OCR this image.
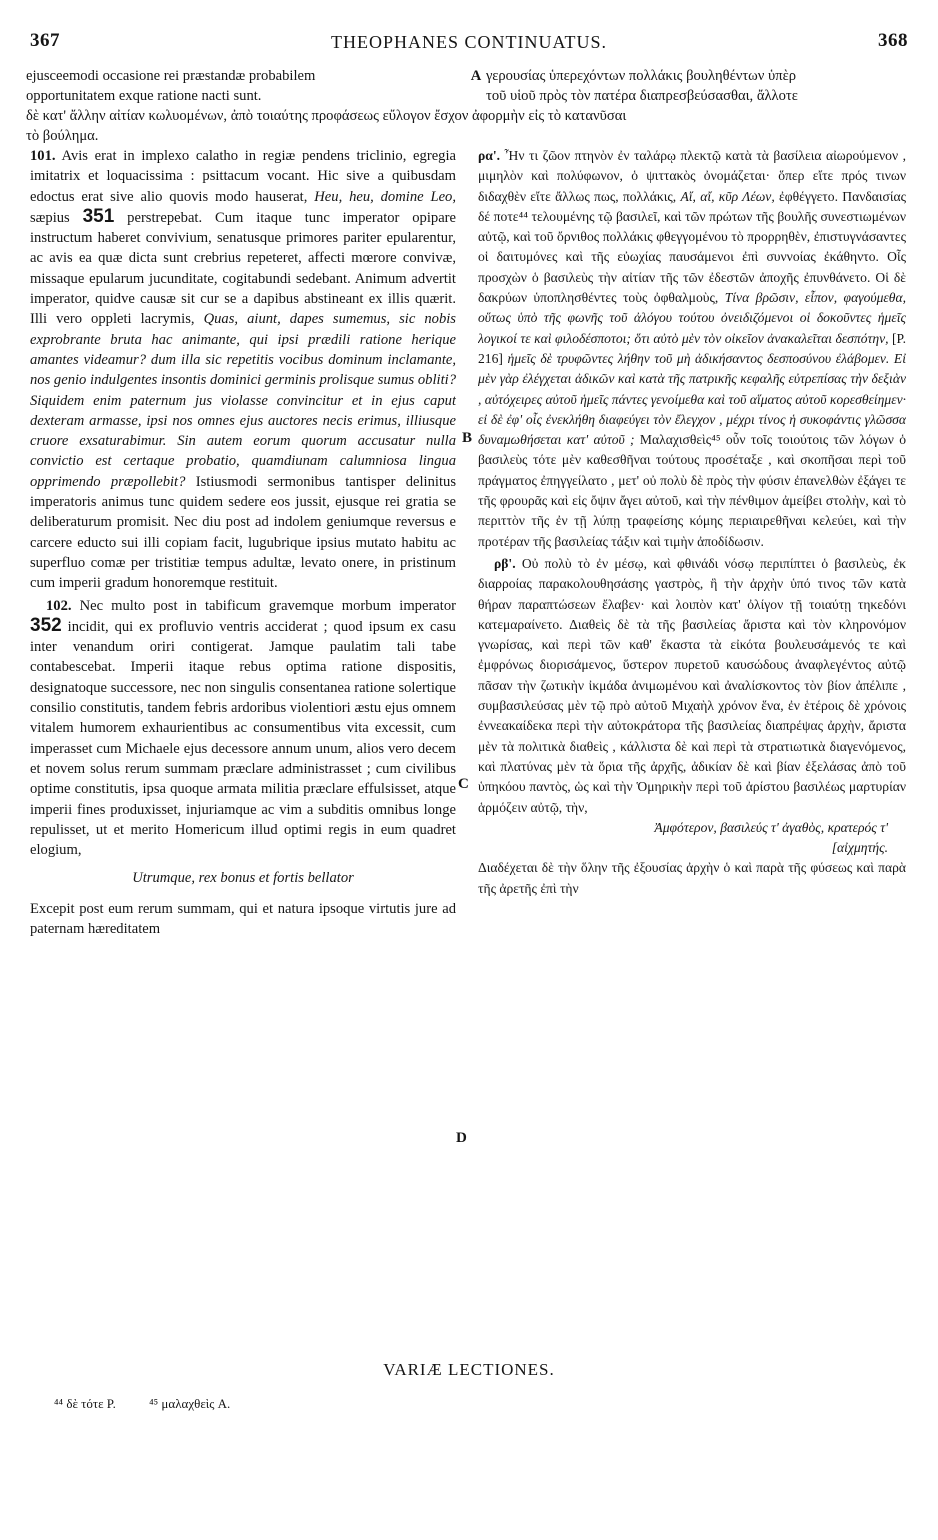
367	THEOPHANES CONTINUATUS.	368
ejusceemodi occasione rei præstandæ probabilem	A γερουσίας ὑπερεχόντων πολλάκις βουληθέντων ὑπὲρ
opportunitatem exque ratione nacti sunt.	τοῦ υἱοῦ πρὸς τὸν πατέρα διαπρεσβεύσασθαι, ἄλλοτε
δὲ κατ' ἄλλην αἰτίαν κωλυομένων, ἀπὸ τοιαύτης προφάσεως εὔλογον ἔσχον ἀφορμὴν εἰς τὸ κατανῦσαι
τὸ βούλημα.

101. Avis erat in implexo calatho in regiæ pendens triclinio, egregia imitatrix et loquacissima : psittacum vocant. Hic sive a quibusdam edoctus erat sive alio quovis modo hauserat, Heu, heu, domine Leo, sæpius 351 perstrepebat. Cum itaque tunc imperator opipare instructum haberet convivium, senatusque primores pariter epularentur, ac avis ea quæ dicta sunt crebrius repeteret, affecti mœrore convivæ, missaque epularum jucunditate, cogitabundi sedebant. Animum advertit imperator, quidve causæ sit cur se a dapibus abstineant ex illis quærit. Illi vero oppleti lacrymis, Quas, aiunt, dapes sumemus, sic nobis exprobrante bruta hac animante, qui ipsi prædili ratione herique amantes videamur? dum illa sic repetitis vocibus dominum inclamante, nos genio indulgentes insontis dominici germinis prolisque sumus obliti? Siquidem enim paternum jus violasse convincitur et in ejus caput dexteram armasse, ipsi nos omnes ejus auctores necis erimus, illiusque cruore exsaturabimur. Sin autem eorum quorum accusatur nulla convictio est certaque probatio, quamdiunam calumniosa lingua opprimendo præpollebit? Istiusmodi sermonibus tantisper delinitus imperatoris animus tunc quidem sedere eos jussit, ejusque rei gratia se deliberaturum promisit. Nec diu post ad indolem geniumque reversus e carcere educto sui illi copiam facit, lugubrique ipsius mutato habitu ac superfluo comæ per tristitiæ tempus adultæ, levato onere, in pristinum cum imperii gradum honoremque restituit.

102. Nec multo post in tabificum gravemque morbum imperator 352 incidit, qui ex profluvio ventris acciderat ; quod ipsum ex casu inter venandum oriri contigerat. Jamque paulatim tali tabe contabescebat. Imperii itaque rebus optima ratione dispositis, designatoque successore, nec non singulis consentanea ratione solertique consilio constitutis, tandem febris ardoribus violentiori æstu ejus omnem vitalem humorem exhaurientibus ac consumentibus vita excessit, cum imperasset cum Michaele ejus decessore annum unum, alios vero decem et novem solus rerum summam præclare administrasset ; cum civilibus optime constitutis, ipsa quoque armata militia præclare effulsisset, atque imperii fines produxisset, injuriamque ac vim a subditis omnibus longe repulisset, ut et merito Homericum illud optimi regis in eum quadret elogium,

Utrumque, rex bonus et fortis bellator

Excepit post eum rerum summam, qui et natura ipsoque virtutis jure ad paternam hæreditatem

B
C
D

ρα'. Ἦν τι ζῶον πτηνὸν ἐν ταλάρῳ πλεκτῷ κατὰ τὰ βασίλεια αἰωρούμενον , μιμηλὸν καὶ πολύφωνον, ὁ ψιττακὸς ὀνομάζεται· ὅπερ εἴτε πρός τινων διδαχθὲν εἴτε ἄλλως πως, πολλάκις, Αἴ, αἴ, κῦρ Λέων, ἐφθέγγετο. Πανδαισίας δέ ποτε⁴⁴ τελουμένης τῷ βασιλεῖ, καὶ τῶν πρώτων τῆς βουλῆς συνεστιωμένων αὐτῷ, καὶ τοῦ ὄρνιθος πολλάκις φθεγγομένου τὸ προρρηθὲν, ἐπιστυγνάσαντες οἱ δαιτυμόνες καὶ τῆς εὐωχίας παυσάμενοι ἐπὶ συννοίας ἐκάθηντο. Οἷς προσχὼν ὁ βασιλεὺς τὴν αἰτίαν τῆς τῶν ἐδεστῶν ἀποχῆς ἐπυνθάνετο. Οἱ δὲ δακρύων ὑποπλησθέντες τοὺς ὀφθαλμοὺς, Τίνα βρῶσιν, εἶπον, φαγούμεθα, οὕτως ὑπὸ τῆς φωνῆς τοῦ ἀλόγου τούτου ὀνειδιζόμενοι οἱ δοκοῦντες ἡμεῖς λογικοί τε καὶ φιλοδέσποτοι; ὅτι αὐτὸ μὲν τὸν οἰκεῖον ἀνακαλεῖται δεσπότην, [P. 216] ἡμεῖς δὲ τρυφῶντες λήθην τοῦ μὴ ἀδικήσαντος δεσποσύνου ἐλάβομεν. Εἰ μὲν γὰρ ἐλέγχεται ἀδικῶν καὶ κατὰ τῆς πατρικῆς κεφαλῆς εὐτρεπίσας τὴν δεξιὰν , αὐτόχειρες αὐτοῦ ἡμεῖς πάντες γενοίμεθα καὶ τοῦ αἵματος αὐτοῦ κορεσθείημεν· εἰ δὲ ἐφ' οἷς ἐνεκλήθη διαφεύγει τὸν ἔλεγχον , μέχρι τίνος ἡ συκοφάντις γλῶσσα δυναμωθήσεται κατ' αὐτοῦ ; Μαλαχισθεὶς⁴⁵ οὖν τοῖς τοιούτοις τῶν λόγων ὁ βασιλεὺς τότε μὲν καθεσθῆναι τούτους προσέταξε , καὶ σκοπῆσαι περὶ τοῦ πράγματος ἐπηγγείλατο , μετ' οὐ πολὺ δὲ πρὸς τὴν φύσιν ἐπανελθὼν ἐξάγει τε τῆς φρουρᾶς καὶ εἰς ὄψιν ἄγει αὐτοῦ, καὶ τὴν πένθιμον ἀμείβει στολὴν, καὶ τὸ περιττὸν τῆς ἐν τῇ λύπῃ τραφείσης κόμης περιαιρεθῆναι κελεύει, καὶ τὴν προτέραν τῆς βασιλείας τάξιν καὶ τιμὴν ἀποδίδωσιν.

ρβ'. Οὐ πολὺ τὸ ἐν μέσῳ, καὶ φθινάδι νόσῳ περιπίπτει ὁ βασιλεὺς, ἐκ διαρροίας παρακολουθησάσης γαστρὸς, ἣ τὴν ἀρχὴν ὑπό τινος τῶν κατὰ θήραν παραπτώσεων ἔλαβεν· καὶ λοιπὸν κατ' ὀλίγον τῇ τοιαύτῃ τηκεδόνι κατεμαραίνετο. Διαθεὶς δὲ τὰ τῆς βασιλείας ἄριστα καὶ τὸν κληρονόμον γνωρίσας, καὶ περὶ τῶν καθ' ἕκαστα τὰ εἰκότα βουλευσάμενός τε καὶ ἐμφρόνως διορισάμενος, ὕστερον πυρετοῦ καυσώδους ἀναφλεγέντος αὐτῷ πᾶσαν τὴν ζωτικὴν ἰκμάδα ἀνιμωμένου καὶ ἀναλίσκοντος τὸν βίον ἀπέλιπε , συμβασιλεύσας μὲν τῷ πρὸ αὐτοῦ Μιχαὴλ χρόνον ἕνα, ἐν ἑτέροις δὲ χρόνοις ἐννεακαίδεκα περὶ τὴν αὐτοκράτορα τῆς βασιλείας διαπρέψας ἀρχὴν, ἄριστα μὲν τὰ πολιτικὰ διαθεὶς , κάλλιστα δὲ καὶ περὶ τὰ στρατιωτικὰ διαγενόμενος, καὶ πλατύνας μὲν τὰ ὅρια τῆς ἀρχῆς, ἀδικίαν δὲ καὶ βίαν ἐξελάσας ἀπὸ τοῦ ὑπηκόου παντὸς, ὡς καὶ τὴν Ὁμηρικὴν περὶ τοῦ ἀρίστου βασιλέως μαρτυρίαν ἁρμόζειν αὐτῷ, τὴν,

Ἀμφότερον, βασιλεύς τ' ἀγαθὸς, κρατερός τ'
[αἰχμητής.

Διαδέχεται δὲ τὴν ὅλην τῆς ἐξουσίας ἀρχὴν ὁ καὶ παρὰ τῆς φύσεως καὶ παρὰ τῆς ἀρετῆς ἐπὶ τὴν

VARIÆ LECTIONES.
⁴⁴ δὲ τότε P.	⁴⁵ μαλαχθεὶς A.
